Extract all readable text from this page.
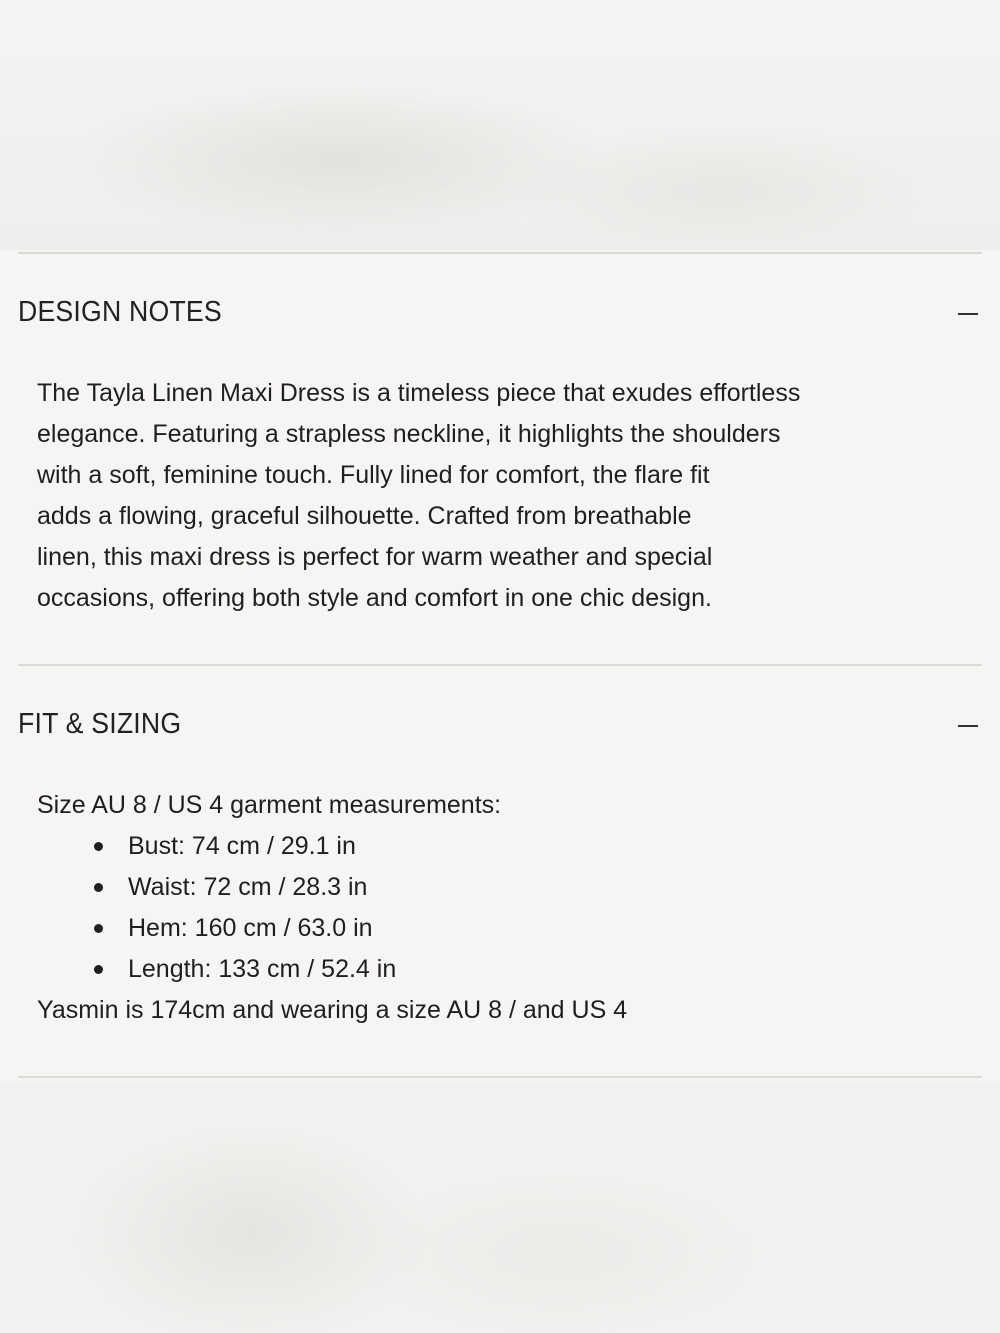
DESIGN NOTES

The Tayla Linen Maxi Dress is a timeless piece that exudes effortless
elegance. Featuring a strapless neckline, it highlights the shoulders
with a soft, feminine touch. Fully lined for comfort, the flare fit
adds a flowing, graceful silhouette. Crafted from breathable
linen, this maxi dress is perfect for warm weather and special
occasions, offering both style and comfort in one chic design.

FIT & SIZING

Size AU 8 / US 4 garment measurements:

Bust: 74 cm / 29.1 in
Waist: 72 cm / 28.3 in
Hem: 160 cm / 63.0 in
Length: 133 cm / 52.4 in

Yasmin is 174cm and wearing a size AU 8 / and US 4
